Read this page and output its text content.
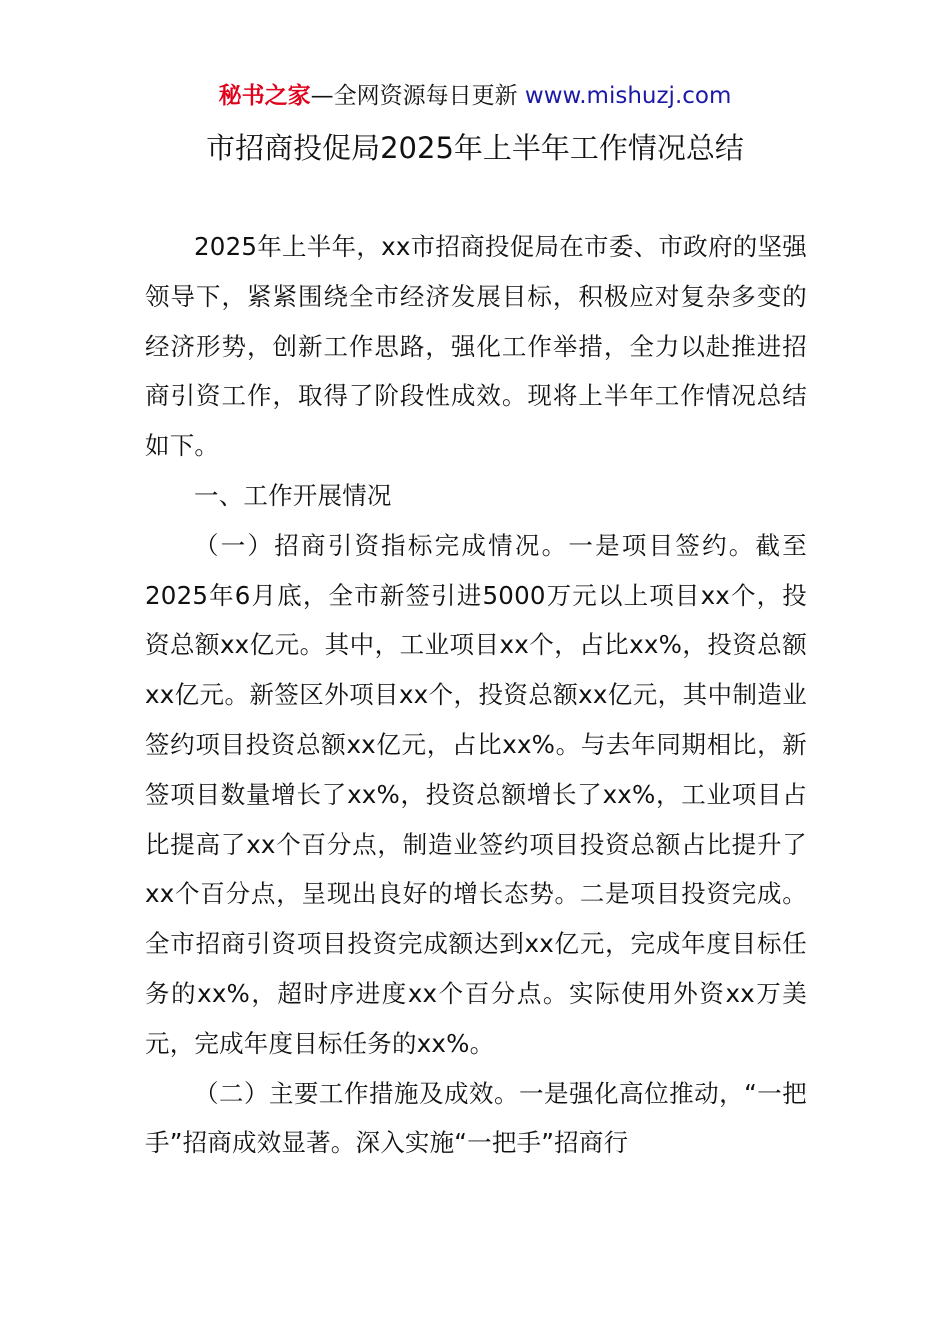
秘书之家—全网资源每日更新 www.mishuzj.com
市招商投促局2025年上半年工作情况总结

2025年上半年，xx市招商投促局在市委、市政府的坚强领导下，紧紧围绕全市经济发展目标，积极应对复杂多变的经济形势，创新工作思路，强化工作举措，全力以赴推进招商引资工作，取得了阶段性成效。现将上半年工作情况总结如下。

一、工作开展情况

（一）招商引资指标完成情况。一是项目签约。截至2025年6月底，全市新签引进5000万元以上项目xx个，投资总额xx亿元。其中，工业项目xx个，占比xx%，投资总额xx亿元。新签区外项目xx个，投资总额xx亿元，其中制造业签约项目投资总额xx亿元，占比xx%。与去年同期相比，新签项目数量增长了xx%，投资总额增长了xx%，工业项目占比提高了xx个百分点，制造业签约项目投资总额占比提升了xx个百分点，呈现出良好的增长态势。二是项目投资完成。全市招商引资项目投资完成额达到xx亿元，完成年度目标任务的xx%，超时序进度xx个百分点。实际使用外资xx万美元，完成年度目标任务的xx%。

（二）主要工作措施及成效。一是强化高位推动，“一把手”招商成效显著。深入实施“一把手”招商行
